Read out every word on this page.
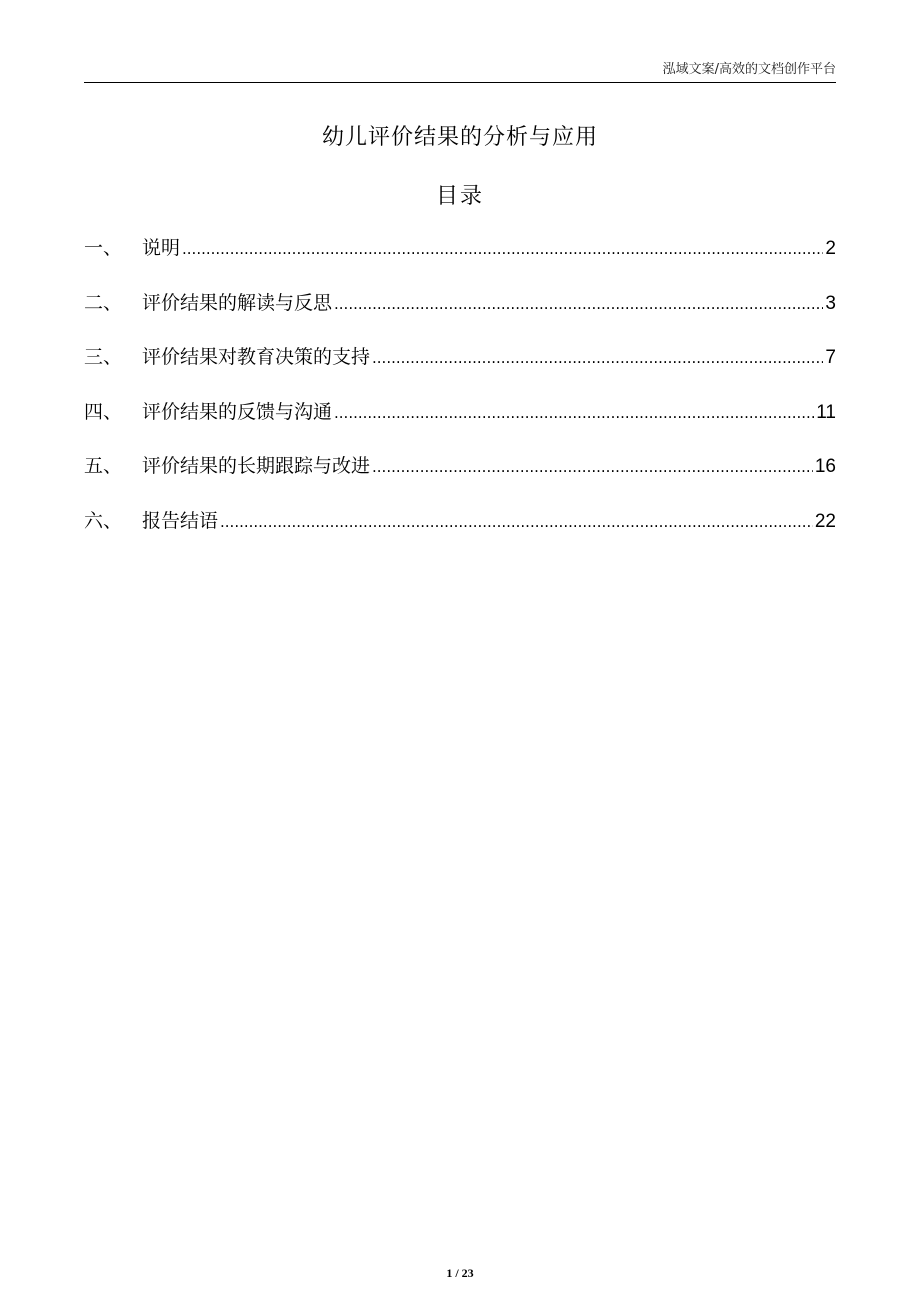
泓域文案/高效的文档创作平台
幼儿评价结果的分析与应用
目录
一、	说明 .....	2
二、	评价结果的解读与反思 .....	3
三、	评价结果对教育决策的支持 .....	7
四、	评价结果的反馈与沟通 .....	11
五、	评价结果的长期跟踪与改进 .....	16
六、	报告结语 .....	22
1 / 23
